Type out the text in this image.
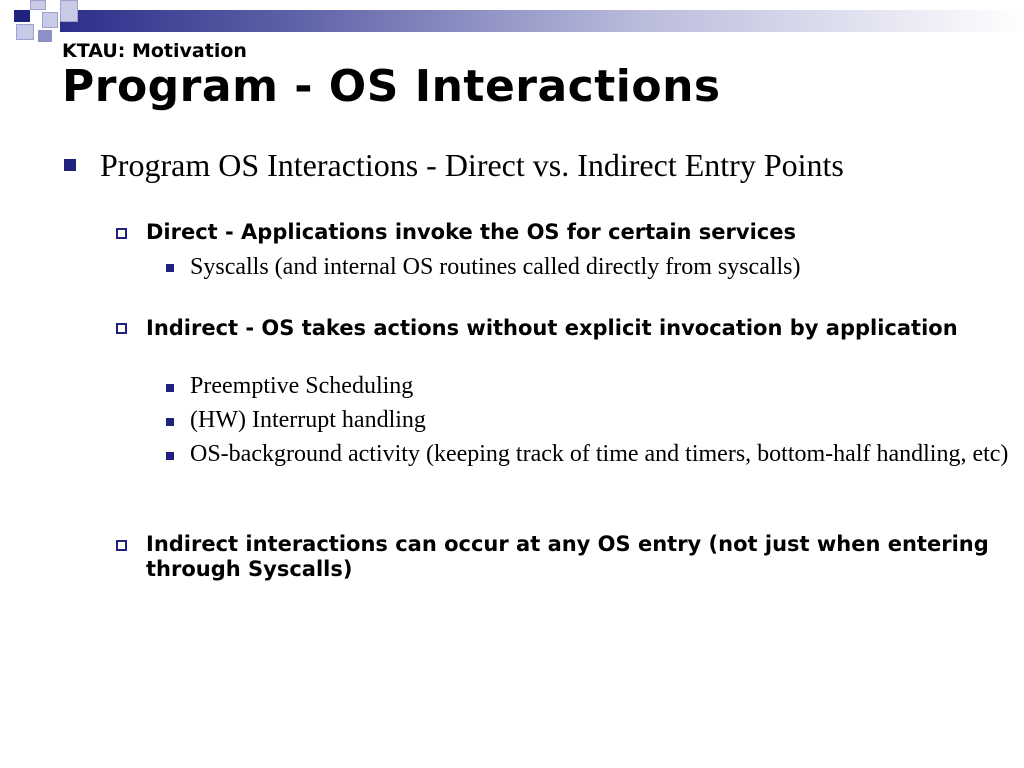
KTAU: Motivation
Program - OS Interactions
Program OS Interactions - Direct vs. Indirect Entry Points
Direct - Applications invoke the OS for certain services
Syscalls (and internal OS routines called directly from syscalls)
Indirect - OS takes actions without explicit invocation by application
Preemptive Scheduling
(HW) Interrupt handling
OS-background activity (keeping track of time and timers, bottom-half handling, etc)
Indirect interactions can occur at any OS entry (not just when entering through Syscalls)
